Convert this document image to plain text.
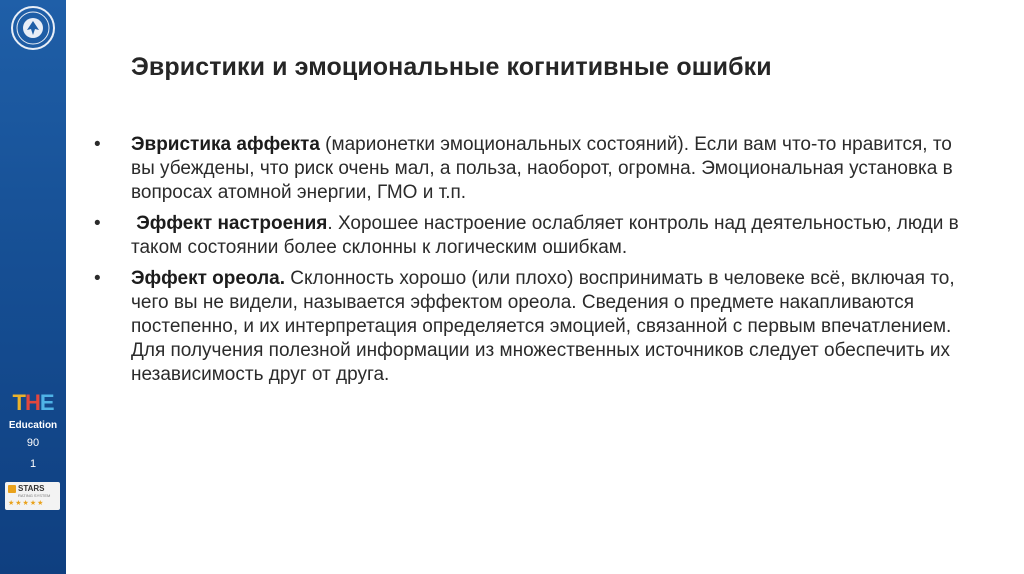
THE
Education
90
1
STARS
RATING SYSTEM
★★★★★
Эвристики и эмоциональные когнитивные ошибки
• Эвристика аффекта (марионетки эмоциональных состояний). Если вам что-то нравится, то вы убеждены, что риск очень мал, а польза, наоборот, огромна. Эмоциональная установка в вопросах атомной энергии, ГМО и т.п.
• Эффект настроения. Хорошее настроение ослабляет контроль над деятельностью, люди в таком состоянии более склонны к логическим ошибкам.
• Эффект ореола. Склонность хорошо (или плохо) воспринимать в человеке всё, включая то, чего вы не видели, называется эффектом ореола. Сведения о предмете накапливаются постепенно, и их интерпретация определяется эмоцией, связанной с первым впечатлением. Для получения полезной информации из множественных источников следует обеспечить их независимость друг от друга.
